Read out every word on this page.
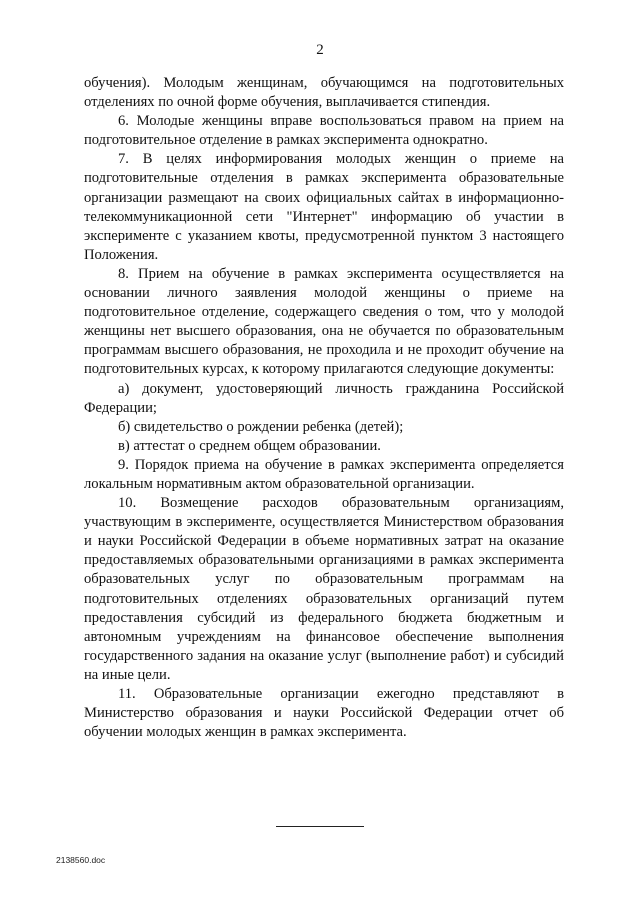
2

обучения). Молодым женщинам, обучающимся на подготовительных отделениях по очной форме обучения, выплачивается стипендия.

6. Молодые женщины вправе воспользоваться правом на прием на подготовительное отделение в рамках эксперимента однократно.

7. В целях информирования молодых женщин о приеме на подготовительные отделения в рамках эксперимента образовательные организации размещают на своих официальных сайтах в информационно-телекоммуникационной сети "Интернет" информацию об участии в эксперименте с указанием квоты, предусмотренной пунктом 3 настоящего Положения.

8. Прием на обучение в рамках эксперимента осуществляется на основании личного заявления молодой женщины о приеме на подготовительное отделение, содержащего сведения о том, что у молодой женщины нет высшего образования, она не обучается по образовательным программам высшего образования, не проходила и не проходит обучение на подготовительных курсах, к которому прилагаются следующие документы:

а) документ, удостоверяющий личность гражданина Российской Федерации;

б) свидетельство о рождении ребенка (детей);

в) аттестат о среднем общем образовании.

9. Порядок приема на обучение в рамках эксперимента определяется локальным нормативным актом образовательной организации.

10. Возмещение расходов образовательным организациям, участвующим в эксперименте, осуществляется Министерством образования и науки Российской Федерации в объеме нормативных затрат на оказание предоставляемых образовательными организациями в рамках эксперимента образовательных услуг по образовательным программам на подготовительных отделениях образовательных организаций путем предоставления субсидий из федерального бюджета бюджетным и автономным учреждениям на финансовое обеспечение выполнения государственного задания на оказание услуг (выполнение работ) и субсидий на иные цели.

11. Образовательные организации ежегодно представляют в Министерство образования и науки Российской Федерации отчет об обучении молодых женщин в рамках эксперимента.

2138560.doc
